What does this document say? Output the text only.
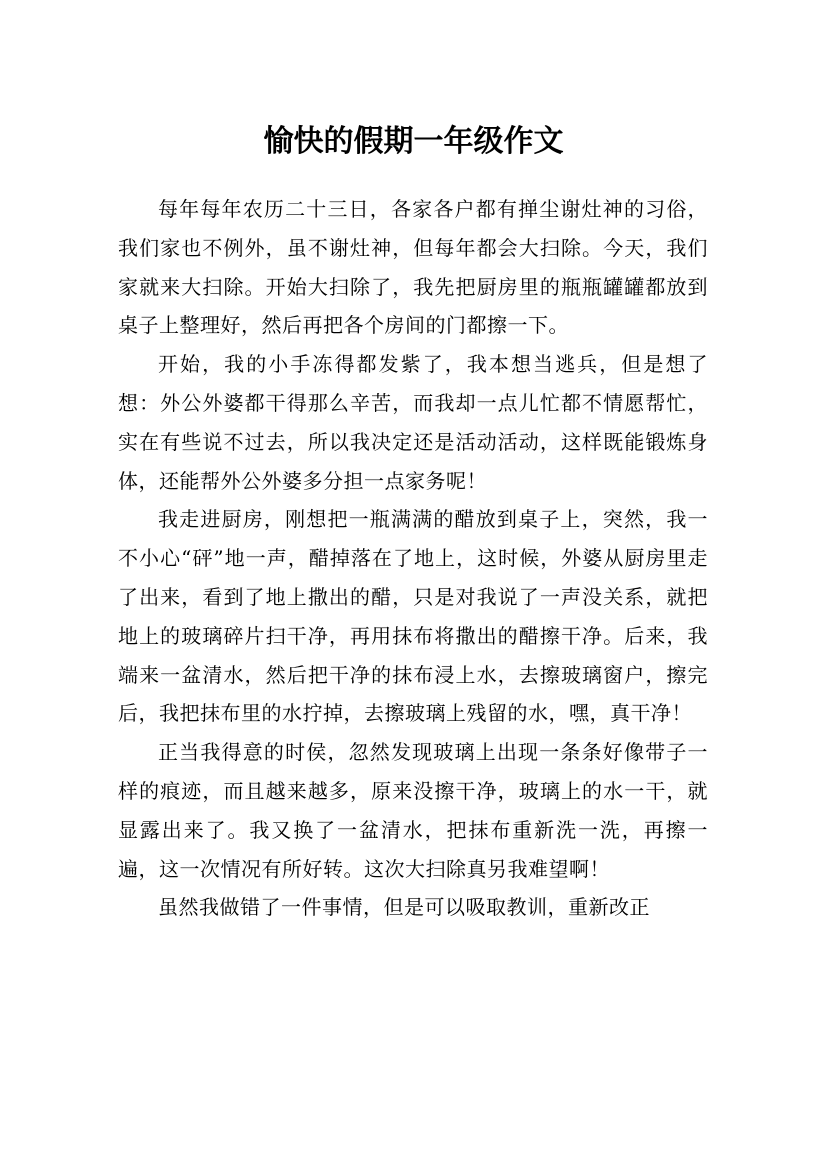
愉快的假期一年级作文

每年每年农历二十三日，各家各户都有掸尘谢灶神的习俗，我们家也不例外，虽不谢灶神，但每年都会大扫除。今天，我们家就来大扫除。开始大扫除了，我先把厨房里的瓶瓶罐罐都放到桌子上整理好，然后再把各个房间的门都擦一下。

开始，我的小手冻得都发紫了，我本想当逃兵，但是想了想：外公外婆都干得那么辛苦，而我却一点儿忙都不情愿帮忙，实在有些说不过去，所以我决定还是活动活动，这样既能锻炼身体，还能帮外公外婆多分担一点家务呢！

我走进厨房，刚想把一瓶满满的醋放到桌子上，突然，我一不小心“砰”地一声，醋掉落在了地上，这时候，外婆从厨房里走了出来，看到了地上撒出的醋，只是对我说了一声没关系，就把地上的玻璃碎片扫干净，再用抹布将撒出的醋擦干净。后来，我端来一盆清水，然后把干净的抹布浸上水，去擦玻璃窗户，擦完后，我把抹布里的水拧掉，去擦玻璃上残留的水，嘿，真干净！

正当我得意的时侯，忽然发现玻璃上出现一条条好像带子一样的痕迹，而且越来越多，原来没擦干净，玻璃上的水一干，就显露出来了。我又换了一盆清水，把抹布重新洗一洗，再擦一遍，这一次情况有所好转。这次大扫除真另我难望啊！

虽然我做错了一件事情，但是可以吸取教训，重新改正
